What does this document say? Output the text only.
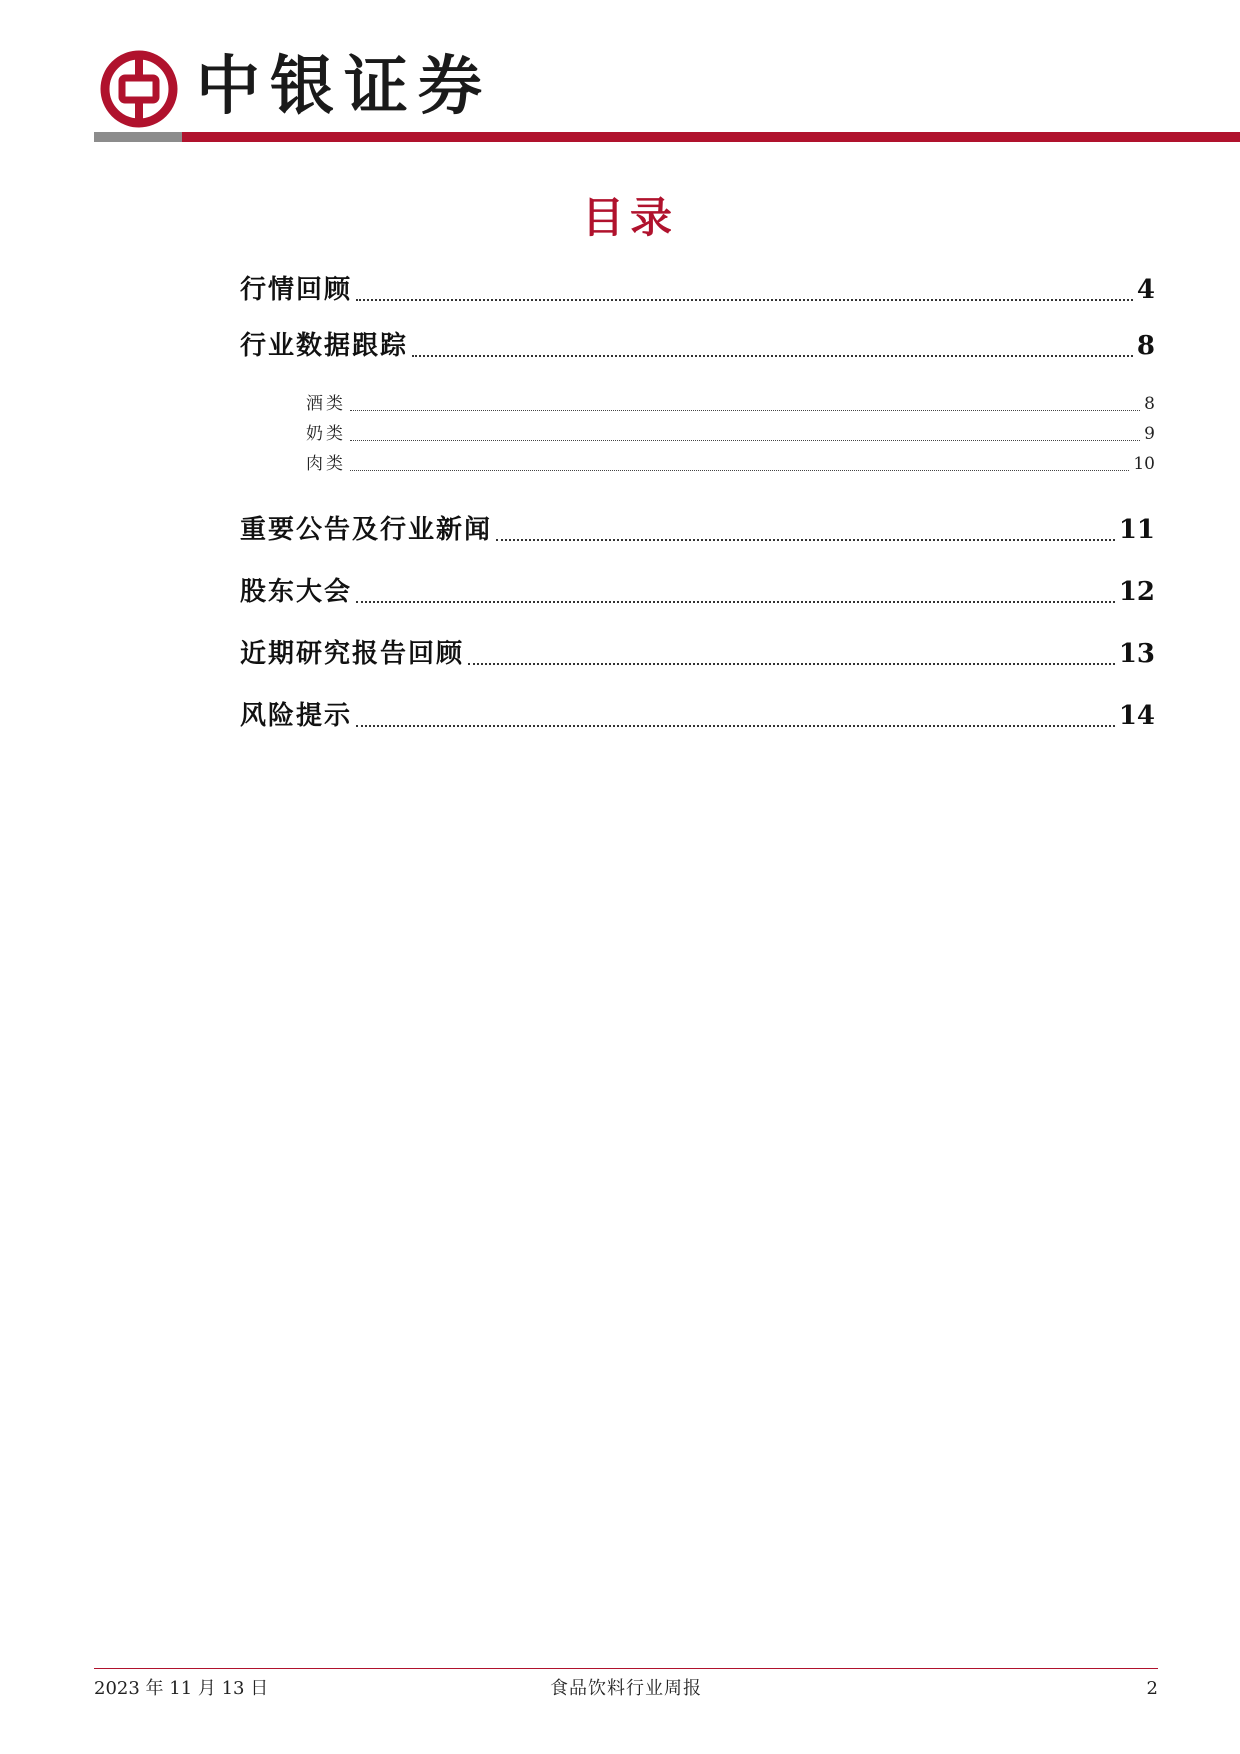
中银证券
目录
行情回顾	4
行业数据跟踪	8
酒类	8
奶类	9
肉类	10
重要公告及行业新闻	11
股东大会	12
近期研究报告回顾	13
风险提示	14
2023 年 11 月 13 日	食品饮料行业周报	2
